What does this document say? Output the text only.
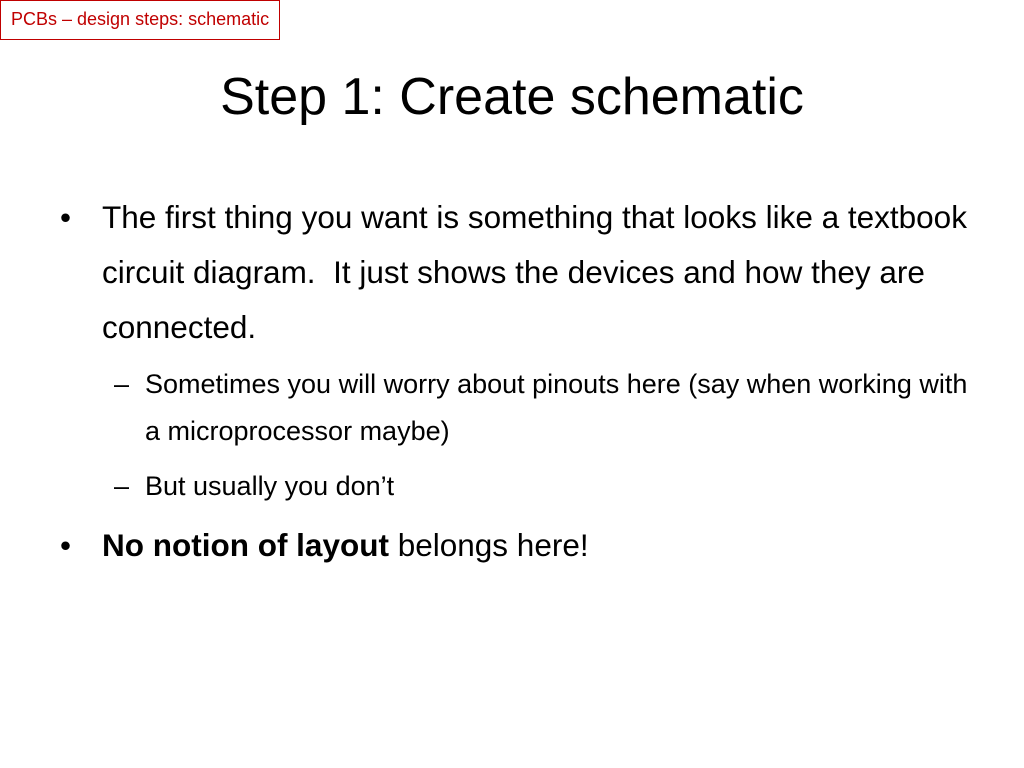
PCBs – design steps: schematic
Step 1: Create schematic
• The first thing you want is something that looks like a textbook circuit diagram.  It just shows the devices and how they are connected.
– Sometimes you will worry about pinouts here (say when working with a microprocessor maybe)
– But usually you don’t
• No notion of layout belongs here!
